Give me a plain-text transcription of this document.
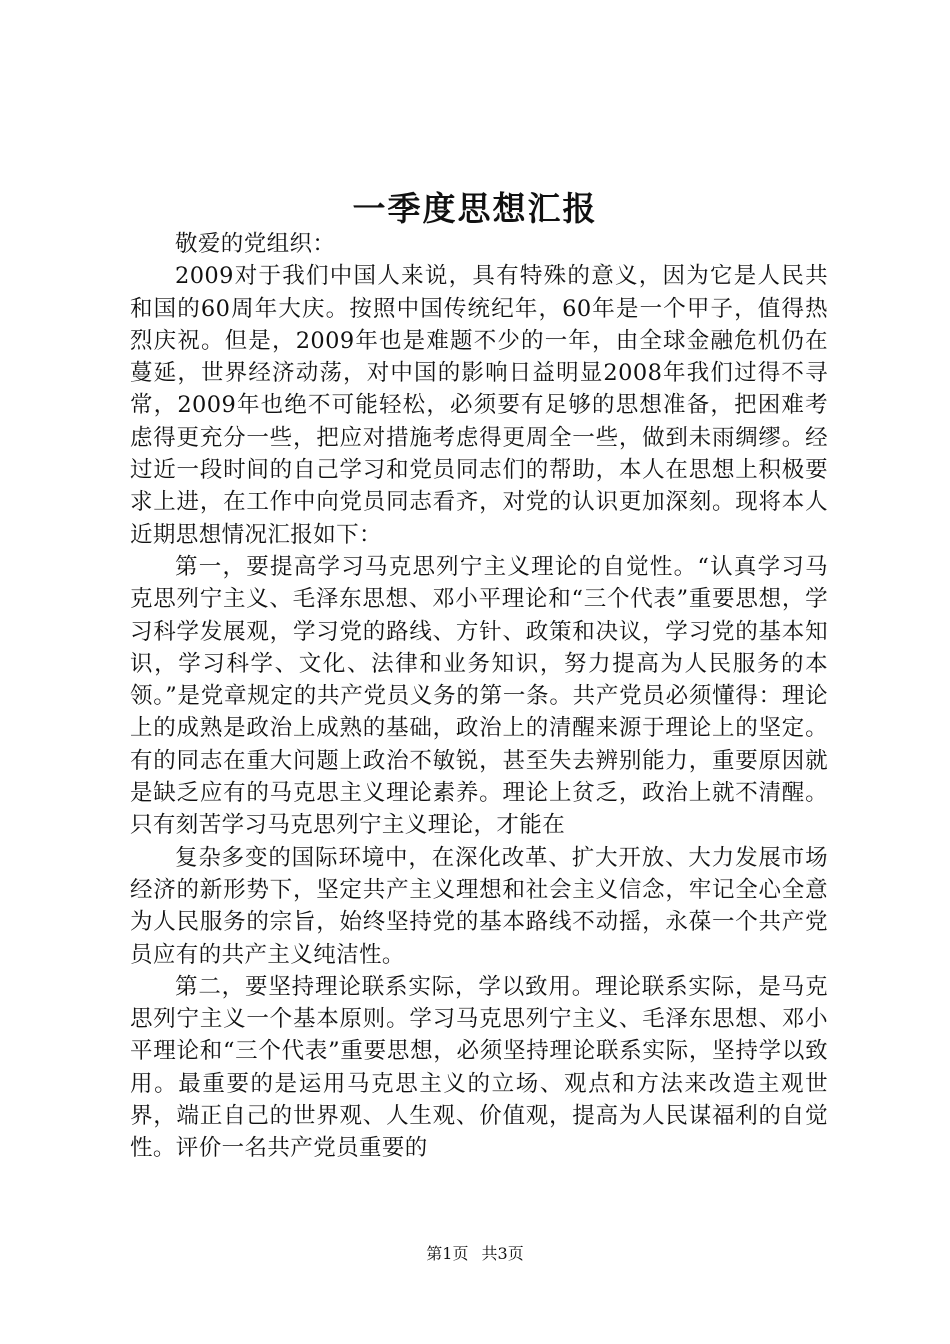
一季度思想汇报

敬爱的党组织：

2009对于我们中国人来说，具有特殊的意义，因为它是人民共和国的60周年大庆。按照中国传统纪年，60年是一个甲子，值得热烈庆祝。但是，2009年也是难题不少的一年，由全球金融危机仍在蔓延，世界经济动荡，对中国的影响日益明显2008年我们过得不寻常，2009年也绝不可能轻松，必须要有足够的思想准备，把困难考虑得更充分一些，把应对措施考虑得更周全一些，做到未雨绸缪。经过近一段时间的自己学习和党员同志们的帮助，本人在思想上积极要求上进，在工作中向党员同志看齐，对党的认识更加深刻。现将本人近期思想情况汇报如下：

第一，要提高学习马克思列宁主义理论的自觉性。“认真学习马克思列宁主义、毛泽东思想、邓小平理论和“三个代表”重要思想，学习科学发展观，学习党的路线、方针、政策和决议，学习党的基本知识，学习科学、文化、法律和业务知识，努力提高为人民服务的本领。”是党章规定的共产党员义务的第一条。共产党员必须懂得：理论上的成熟是政治上成熟的基础，政治上的清醒来源于理论上的坚定。有的同志在重大问题上政治不敏锐，甚至失去辨别能力，重要原因就是缺乏应有的马克思主义理论素养。理论上贫乏，政治上就不清醒。只有刻苦学习马克思列宁主义理论，才能在

复杂多变的国际环境中，在深化改革、扩大开放、大力发展市场经济的新形势下，坚定共产主义理想和社会主义信念，牢记全心全意为人民服务的宗旨，始终坚持党的基本路线不动摇，永葆一个共产党员应有的共产主义纯洁性。

第二，要坚持理论联系实际，学以致用。理论联系实际，是马克思列宁主义一个基本原则。学习马克思列宁主义、毛泽东思想、邓小平理论和“三个代表”重要思想，必须坚持理论联系实际，坚持学以致用。最重要的是运用马克思主义的立场、观点和方法来改造主观世界，端正自己的世界观、人生观、价值观，提高为人民谋福利的自觉性。评价一名共产党员重要的

第1页 共3页
